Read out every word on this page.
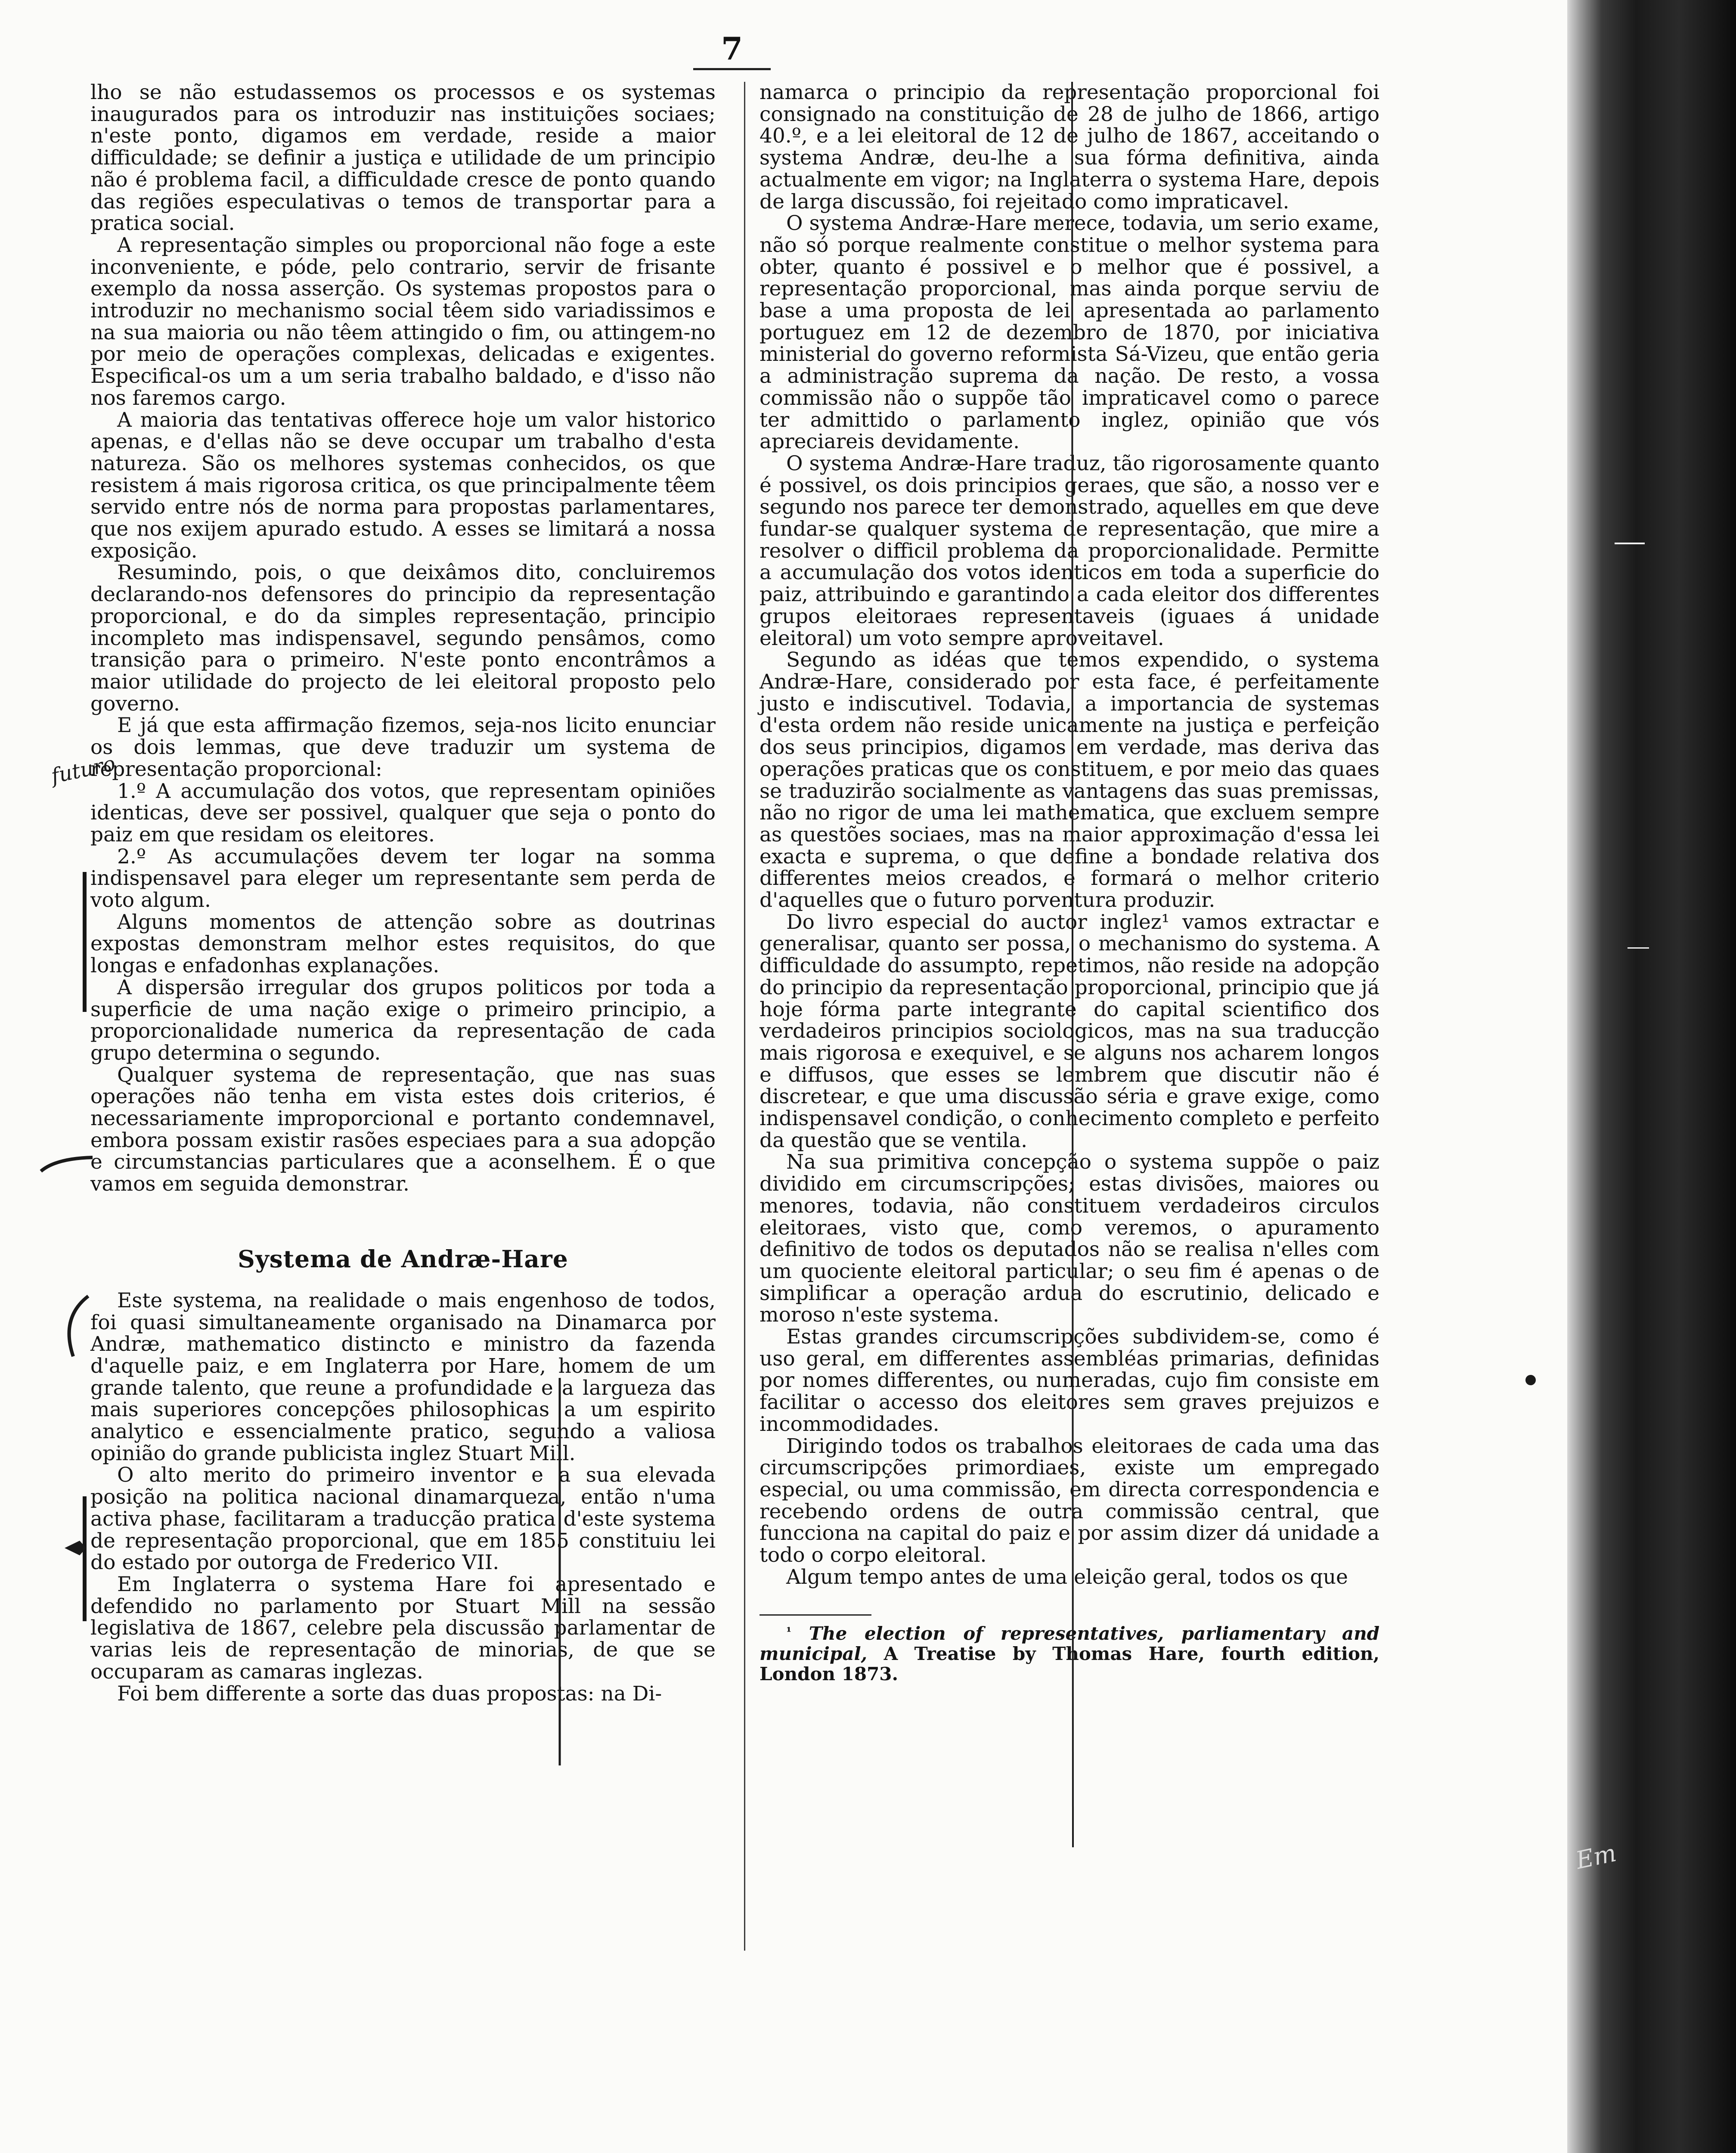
7

lho se não estudassemos os processos e os systemas inaugurados para os introduzir nas instituições sociaes; n'este ponto, digamos em verdade, reside a maior difficuldade; se definir a justiça e utilidade de um principio não é problema facil, a difficuldade cresce de ponto quando das regiões especulativas o temos de transportar para a pratica social.

A representação simples ou proporcional não foge a este inconveniente, e póde, pelo contrario, servir de frisante exemplo da nossa asserção. Os systemas propostos para o introduzir no mechanismo social têem sido variadissimos e na sua maioria ou não têem attingido o fim, ou attingem-no por meio de operações complexas, delicadas e exigentes. Especifical-os um a um seria trabalho baldado, e d'isso não nos faremos cargo.

A maioria das tentativas offerece hoje um valor historico apenas, e d'ellas não se deve occupar um trabalho d'esta natureza. São os melhores systemas conhecidos, os que resistem á mais rigorosa critica, os que principalmente têem servido entre nós de norma para propostas parlamentares, que nos exijem apurado estudo. A esses se limitará a nossa exposição.

Resumindo, pois, o que deixâmos dito, concluiremos declarando-nos defensores do principio da representação proporcional, e do da simples representação, principio incompleto mas indispensavel, segundo pensâmos, como transição para o primeiro. N'este ponto encontrâmos a maior utilidade do projecto de lei eleitoral proposto pelo governo.

E já que esta affirmação fizemos, seja-nos licito enunciar os dois lemmas, que deve traduzir um systema de representação proporcional:

1.º A accumulação dos votos, que representam opiniões identicas, deve ser possivel, qualquer que seja o ponto do paiz em que residam os eleitores.

2.º As accumulações devem ter logar na somma indispensavel para eleger um representante sem perda de voto algum.

Alguns momentos de attenção sobre as doutrinas expostas demonstram melhor estes requisitos, do que longas e enfadonhas explanações.

A dispersão irregular dos grupos politicos por toda a superficie de uma nação exige o primeiro principio, a proporcionalidade numerica da representação de cada grupo determina o segundo.

Qualquer systema de representação, que nas suas operações não tenha em vista estes dois criterios, é necessariamente improporcional e portanto condemnavel, embora possam existir rasões especiaes para a sua adopção e circumstancias particulares que a aconselhem. É o que vamos em seguida demonstrar.

Systema de Andræ-Hare

Este systema, na realidade o mais engenhoso de todos, foi quasi simultaneamente organisado na Dinamarca por Andræ, mathematico distincto e ministro da fazenda d'aquelle paiz, e em Inglaterra por Hare, homem de um grande talento, que reune a profundidade e a largueza das mais superiores concepções philosophicas a um espirito analytico e essencialmente pratico, segundo a valiosa opinião do grande publicista inglez Stuart Mill.

O alto merito do primeiro inventor e a sua elevada posição na politica nacional dinamarqueza, então n'uma activa phase, facilitaram a traducção pratica d'este systema de representação proporcional, que em 1855 constituiu lei do estado por outorga de Frederico VII.

Em Inglaterra o systema Hare foi apresentado e defendido no parlamento por Stuart Mill na sessão legislativa de 1867, celebre pela discussão parlamentar de varias leis de representação de minorias, de que se occuparam as camaras inglezas.

Foi bem differente a sorte das duas propostas: na Di-

namarca o principio da representação proporcional foi consignado na constituição de 28 de julho de 1866, artigo 40.º, e a lei eleitoral de 12 de julho de 1867, acceitando o systema Andræ, deu-lhe a sua fórma definitiva, ainda actualmente em vigor; na Inglaterra o systema Hare, depois de larga discussão, foi rejeitado como impraticavel.

O systema Andræ-Hare merece, todavia, um serio exame, não só porque realmente constitue o melhor systema para obter, quanto é possivel e o melhor que é possivel, a representação proporcional, mas ainda porque serviu de base a uma proposta de lei apresentada ao parlamento portuguez em 12 de dezembro de 1870, por iniciativa ministerial do governo reformista Sá-Vizeu, que então geria a administração suprema da nação. De resto, a vossa commissão não o suppõe tão impraticavel como o parece ter admittido o parlamento inglez, opinião que vós apreciareis devidamente.

O systema Andræ-Hare traduz, tão rigorosamente quanto é possivel, os dois principios geraes, que são, a nosso ver e segundo nos parece ter demonstrado, aquelles em que deve fundar-se qualquer systema de representação, que mire a resolver o difficil problema da proporcionalidade. Permitte a accumulação dos votos identicos em toda a superficie do paiz, attribuindo e garantindo a cada eleitor dos differentes grupos eleitoraes representaveis (iguaes á unidade eleitoral) um voto sempre aproveitavel.

Segundo as idéas que temos expendido, o systema Andræ-Hare, considerado por esta face, é perfeitamente justo e indiscutivel. Todavia, a importancia de systemas d'esta ordem não reside unicamente na justiça e perfeição dos seus principios, digamos em verdade, mas deriva das operações praticas que os constituem, e por meio das quaes se traduzirão socialmente as vantagens das suas premissas, não no rigor de uma lei mathematica, que excluem sempre as questões sociaes, mas na maior approximação d'essa lei exacta e suprema, o que define a bondade relativa dos differentes meios creados, e formará o melhor criterio d'aquelles que o futuro porventura produzir.

Do livro especial do auctor inglez¹ vamos extractar e generalisar, quanto ser possa, o mechanismo do systema. A difficuldade do assumpto, repetimos, não reside na adopção do principio da representação proporcional, principio que já hoje fórma parte integrante do capital scientifico dos verdadeiros principios sociologicos, mas na sua traducção mais rigorosa e exequivel, e se alguns nos acharem longos e diffusos, que esses se lembrem que discutir não é discretear, e que uma discussão séria e grave exige, como indispensavel condição, o conhecimento completo e perfeito da questão que se ventila.

Na sua primitiva concepção o systema suppõe o paiz dividido em circumscripções; estas divisões, maiores ou menores, todavia, não constituem verdadeiros circulos eleitoraes, visto que, como veremos, o apuramento definitivo de todos os deputados não se realisa n'elles com um quociente eleitoral particular; o seu fim é apenas o de simplificar a operação ardua do escrutinio, delicado e moroso n'este systema.

Estas grandes circumscripções subdividem-se, como é uso geral, em differentes assembléas primarias, definidas por nomes differentes, ou numeradas, cujo fim consiste em facilitar o accesso dos eleitores sem graves prejuizos e incommodidades.

Dirigindo todos os trabalhos eleitoraes de cada uma das circumscripções primordiaes, existe um empregado especial, ou uma commissão, em directa correspondencia e recebendo ordens de outra commissão central, que funcciona na capital do paiz e por assim dizer dá unidade a todo o corpo eleitoral.

Algum tempo antes de uma eleição geral, todos os que

$^{^1}$ The election of representatives, parliamentary and municipal, A Treatise by Thomas Hare, fourth edition, London 1873.

futuro
Em
